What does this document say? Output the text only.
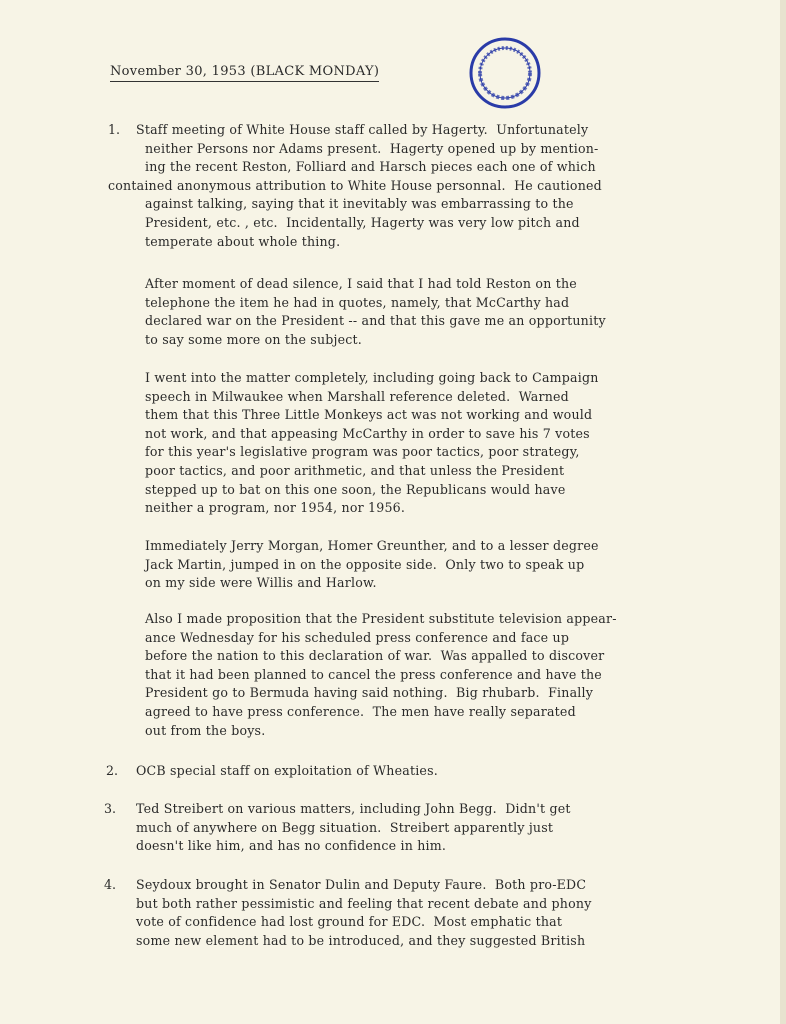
November 30, 1953 (BLACK MONDAY)
1. Staff meeting of White House staff called by Hagerty.  Unfortunately
neither Persons nor Adams present.  Hagerty opened up by mention-
ing the recent Reston, Folliard and Harsch pieces each one of which
contained anonymous attribution to White House personnal.  He cautioned
against talking, saying that it inevitably was embarrassing to the
President, etc. , etc.  Incidentally, Hagerty was very low pitch and
temperate about whole thing.
After moment of dead silence, I said that I had told Reston on the
telephone the item he had in quotes, namely, that McCarthy had
declared war on the President -- and that this gave me an opportunity
to say some more on the subject.
I went into the matter completely, including going back to Campaign
speech in Milwaukee when Marshall reference deleted.  Warned
them that this Three Little Monkeys act was not working and would
not work, and that appeasing McCarthy in order to save his 7 votes
for this year's legislative program was poor tactics, poor strategy,
poor tactics, and poor arithmetic, and that unless the President
stepped up to bat on this one soon, the Republicans would have
neither a program, nor 1954, nor 1956.
Immediately Jerry Morgan, Homer Greunther, and to a lesser degree
Jack Martin, jumped in on the opposite side.  Only two to speak up
on my side were Willis and Harlow.
Also I made proposition that the President substitute television appear-
ance Wednesday for his scheduled press conference and face up
before the nation to this declaration of war.  Was appalled to discover
that it had been planned to cancel the press conference and have the
President go to Bermuda having said nothing.  Big rhubarb.  Finally
agreed to have press conference.  The men have really separated
out from the boys.
2. OCB special staff on exploitation of Wheaties.
3. Ted Streibert on various matters, including John Begg.  Didn't get
much of anywhere on Begg situation.  Streibert apparently just
doesn't like him, and has no confidence in him.
4. Seydoux brought in Senator Dulin and Deputy Faure.  Both pro-EDC
but both rather pessimistic and feeling that recent debate and phony
vote of confidence had lost ground for EDC.  Most emphatic that
some new element had to be introduced, and they suggested British
